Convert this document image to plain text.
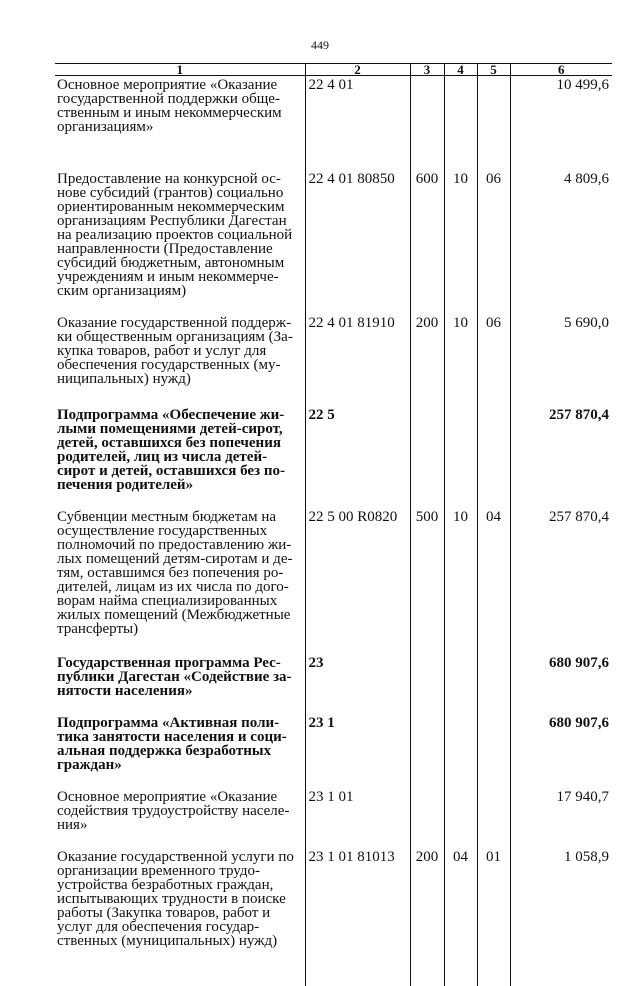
449
1	2	3	4	5	6
Основное мероприятие «Оказание государственной поддержки обще-ственным и иным некоммерческим организациям»	22 4 01				10 499,6
Предоставление на конкурсной ос-нове субсидий (грантов) социально ориентированным некоммерческим организациям Республики Дагестан на реализацию проектов социальной направленности (Предоставление субсидий бюджетным, автономным учреждениям и иным некоммерче-ским организациям)	22 4 01 80850	600	10	06	4 809,6
Оказание государственной поддерж-ки общественным организациям (За-купка товаров, работ и услуг для обеспечения государственных (му-ниципальных) нужд)	22 4 01 81910	200	10	06	5 690,0
Подпрограмма «Обеспечение жи-лыми помещениями детей-сирот, детей, оставшихся без попечения родителей, лиц из числа детей-сирот и детей, оставшихся без по-печения родителей»	22 5				257 870,4
Субвенции местным бюджетам на осуществление государственных полномочий по предоставлению жи-лых помещений детям-сиротам и де-тям, оставшимся без попечения ро-дителей, лицам из их числа по дого-ворам найма специализированных жилых помещений (Межбюджетные трансферты)	22 5 00 R0820	500	10	04	257 870,4
Государственная программа Рес-публики Дагестан «Содействие за-нятости населения»	23				680 907,6
Подпрограмма «Активная поли-тика занятости населения и соци-альная поддержка безработных граждан»	23 1				680 907,6
Основное мероприятие «Оказание содействия трудоустройству населе-ния»	23 1 01				17 940,7
Оказание государственной услуги по организации временного трудо-устройства безработных граждан, испытывающих трудности в поиске работы (Закупка товаров, работ и услуг для обеспечения государ-ственных (муниципальных) нужд)	23 1 01 81013	200	04	01	1 058,9
